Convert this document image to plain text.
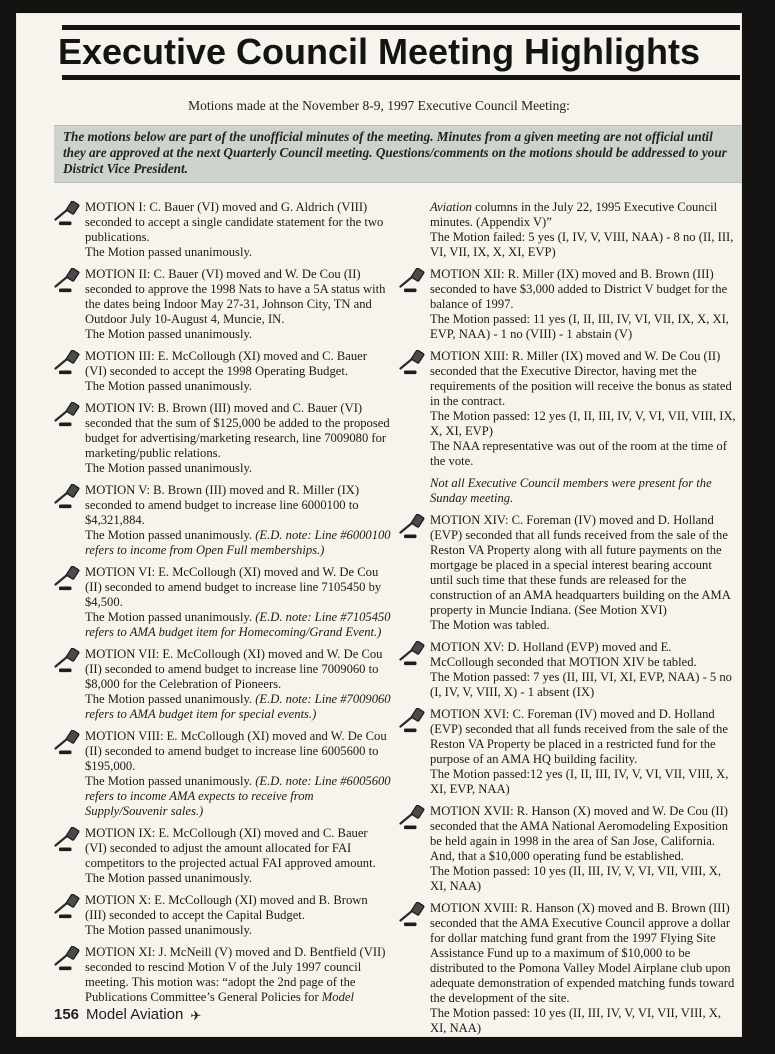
Executive Council Meeting Highlights
Motions made at the November 8-9, 1997 Executive Council Meeting:
The motions below are part of the unofficial minutes of the meeting. Minutes from a given meeting are not official until they are approved at the next Quarterly Council meeting. Questions/comments on the motions should be addressed to your District Vice President.
MOTION I: C. Bauer (VI) moved and G. Aldrich (VIII) seconded to accept a single candidate statement for the two publications.
The Motion passed unanimously.
MOTION II: C. Bauer (VI) moved and W. De Cou (II) seconded to approve the 1998 Nats to have a 5A status with the dates being Indoor May 27-31, Johnson City, TN and Outdoor July 10-August 4, Muncie, IN.
The Motion passed unanimously.
MOTION III: E. McCollough (XI) moved and C. Bauer (VI) seconded to accept the 1998 Operating Budget.
The Motion passed unanimously.
MOTION IV: B. Brown (III) moved and C. Bauer (VI) seconded that the sum of $125,000 be added to the proposed budget for advertising/marketing research, line 7009080 for marketing/public relations.
The Motion passed unanimously.
MOTION V: B. Brown (III) moved and R. Miller (IX) seconded to amend budget to increase line 6000100 to $4,321,884.
The Motion passed unanimously. (E.D. note: Line #6000100 refers to income from Open Full memberships.)
MOTION VI: E. McCollough (XI) moved and W. De Cou (II) seconded to amend budget to increase line 7105450 by $4,500.
The Motion passed unanimously. (E.D. note: Line #7105450 refers to AMA budget item for Homecoming/Grand Event.)
MOTION VII: E. McCollough (XI) moved and W. De Cou (II) seconded to amend budget to increase line 7009060 to $8,000 for the Celebration of Pioneers.
The Motion passed unanimously. (E.D. note: Line #7009060 refers to AMA budget item for special events.)
MOTION VIII: E. McCollough (XI) moved and W. De Cou (II) seconded to amend budget to increase line 6005600 to $195,000.
The Motion passed unanimously. (E.D. note: Line #6005600 refers to income AMA expects to receive from Supply/Souvenir sales.)
MOTION IX: E. McCollough (XI) moved and C. Bauer (VI) seconded to adjust the amount allocated for FAI competitors to the projected actual FAI approved amount.
The Motion passed unanimously.
MOTION X: E. McCollough (XI) moved and B. Brown (III) seconded to accept the Capital Budget.
The Motion passed unanimously.
MOTION XI: J. McNeill (V) moved and D. Bentfield (VII) seconded to rescind Motion V of the July 1997 council meeting. This motion was: “adopt the 2nd page of the Publications Committee’s General Policies for Model
Aviation columns in the July 22, 1995 Executive Council minutes. (Appendix V)”
The Motion failed: 5 yes (I, IV, V, VIII, NAA) - 8 no (II, III, VI, VII, IX, X, XI, EVP)
MOTION XII: R. Miller (IX) moved and B. Brown (III) seconded to have $3,000 added to District V budget for the balance of 1997.
The Motion passed: 11 yes (I, II, III, IV, VI, VII, IX, X, XI, EVP, NAA) - 1 no (VIII) - 1 abstain (V)
MOTION XIII: R. Miller (IX) moved and W. De Cou (II) seconded that the Executive Director, having met the requirements of the position will receive the bonus as stated in the contract.
The Motion passed: 12 yes (I, II, III, IV, V, VI, VII, VIII, IX, X, XI, EVP)
The NAA representative was out of the room at the time of the vote.
Not all Executive Council members were present for the Sunday meeting.
MOTION XIV: C. Foreman (IV) moved and D. Holland (EVP) seconded that all funds received from the sale of the Reston VA Property along with all future payments on the mortgage be placed in a special interest bearing account until such time that these funds are released for the construction of an AMA headquarters building on the AMA property in Muncie Indiana. (See Motion XVI)
The Motion was tabled.
MOTION XV: D. Holland (EVP) moved and E. McCollough seconded that MOTION XIV be tabled.
The Motion passed: 7 yes (II, III, VI, XI, EVP, NAA) - 5 no (I, IV, V, VIII, X) - 1 absent (IX)
MOTION XVI: C. Foreman (IV) moved and D. Holland (EVP) seconded that all funds received from the sale of the Reston VA Property be placed in a restricted fund for the purpose of an AMA HQ building facility.
The Motion passed:12 yes (I, II, III, IV, V, VI, VII, VIII, X, XI, EVP, NAA)
MOTION XVII: R. Hanson (X) moved and W. De Cou (II) seconded that the AMA National Aeromodeling Exposition be held again in 1998 in the area of San Jose, California. And, that a $10,000 operating fund be established.
The Motion passed: 10 yes (II, III, IV, V, VI, VII, VIII, X, XI, NAA)
MOTION XVIII: R. Hanson (X) moved and B. Brown (III) seconded that the AMA Executive Council approve a dollar for dollar matching fund grant from the 1997 Flying Site Assistance Fund up to a maximum of $10,000 to be distributed to the Pomona Valley Model Airplane club upon adequate demonstration of expended matching funds toward the development of the site.
The Motion passed: 10 yes (II, III, IV, V, VI, VII, VIII, X, XI, NAA)
156 Model Aviation ✈
